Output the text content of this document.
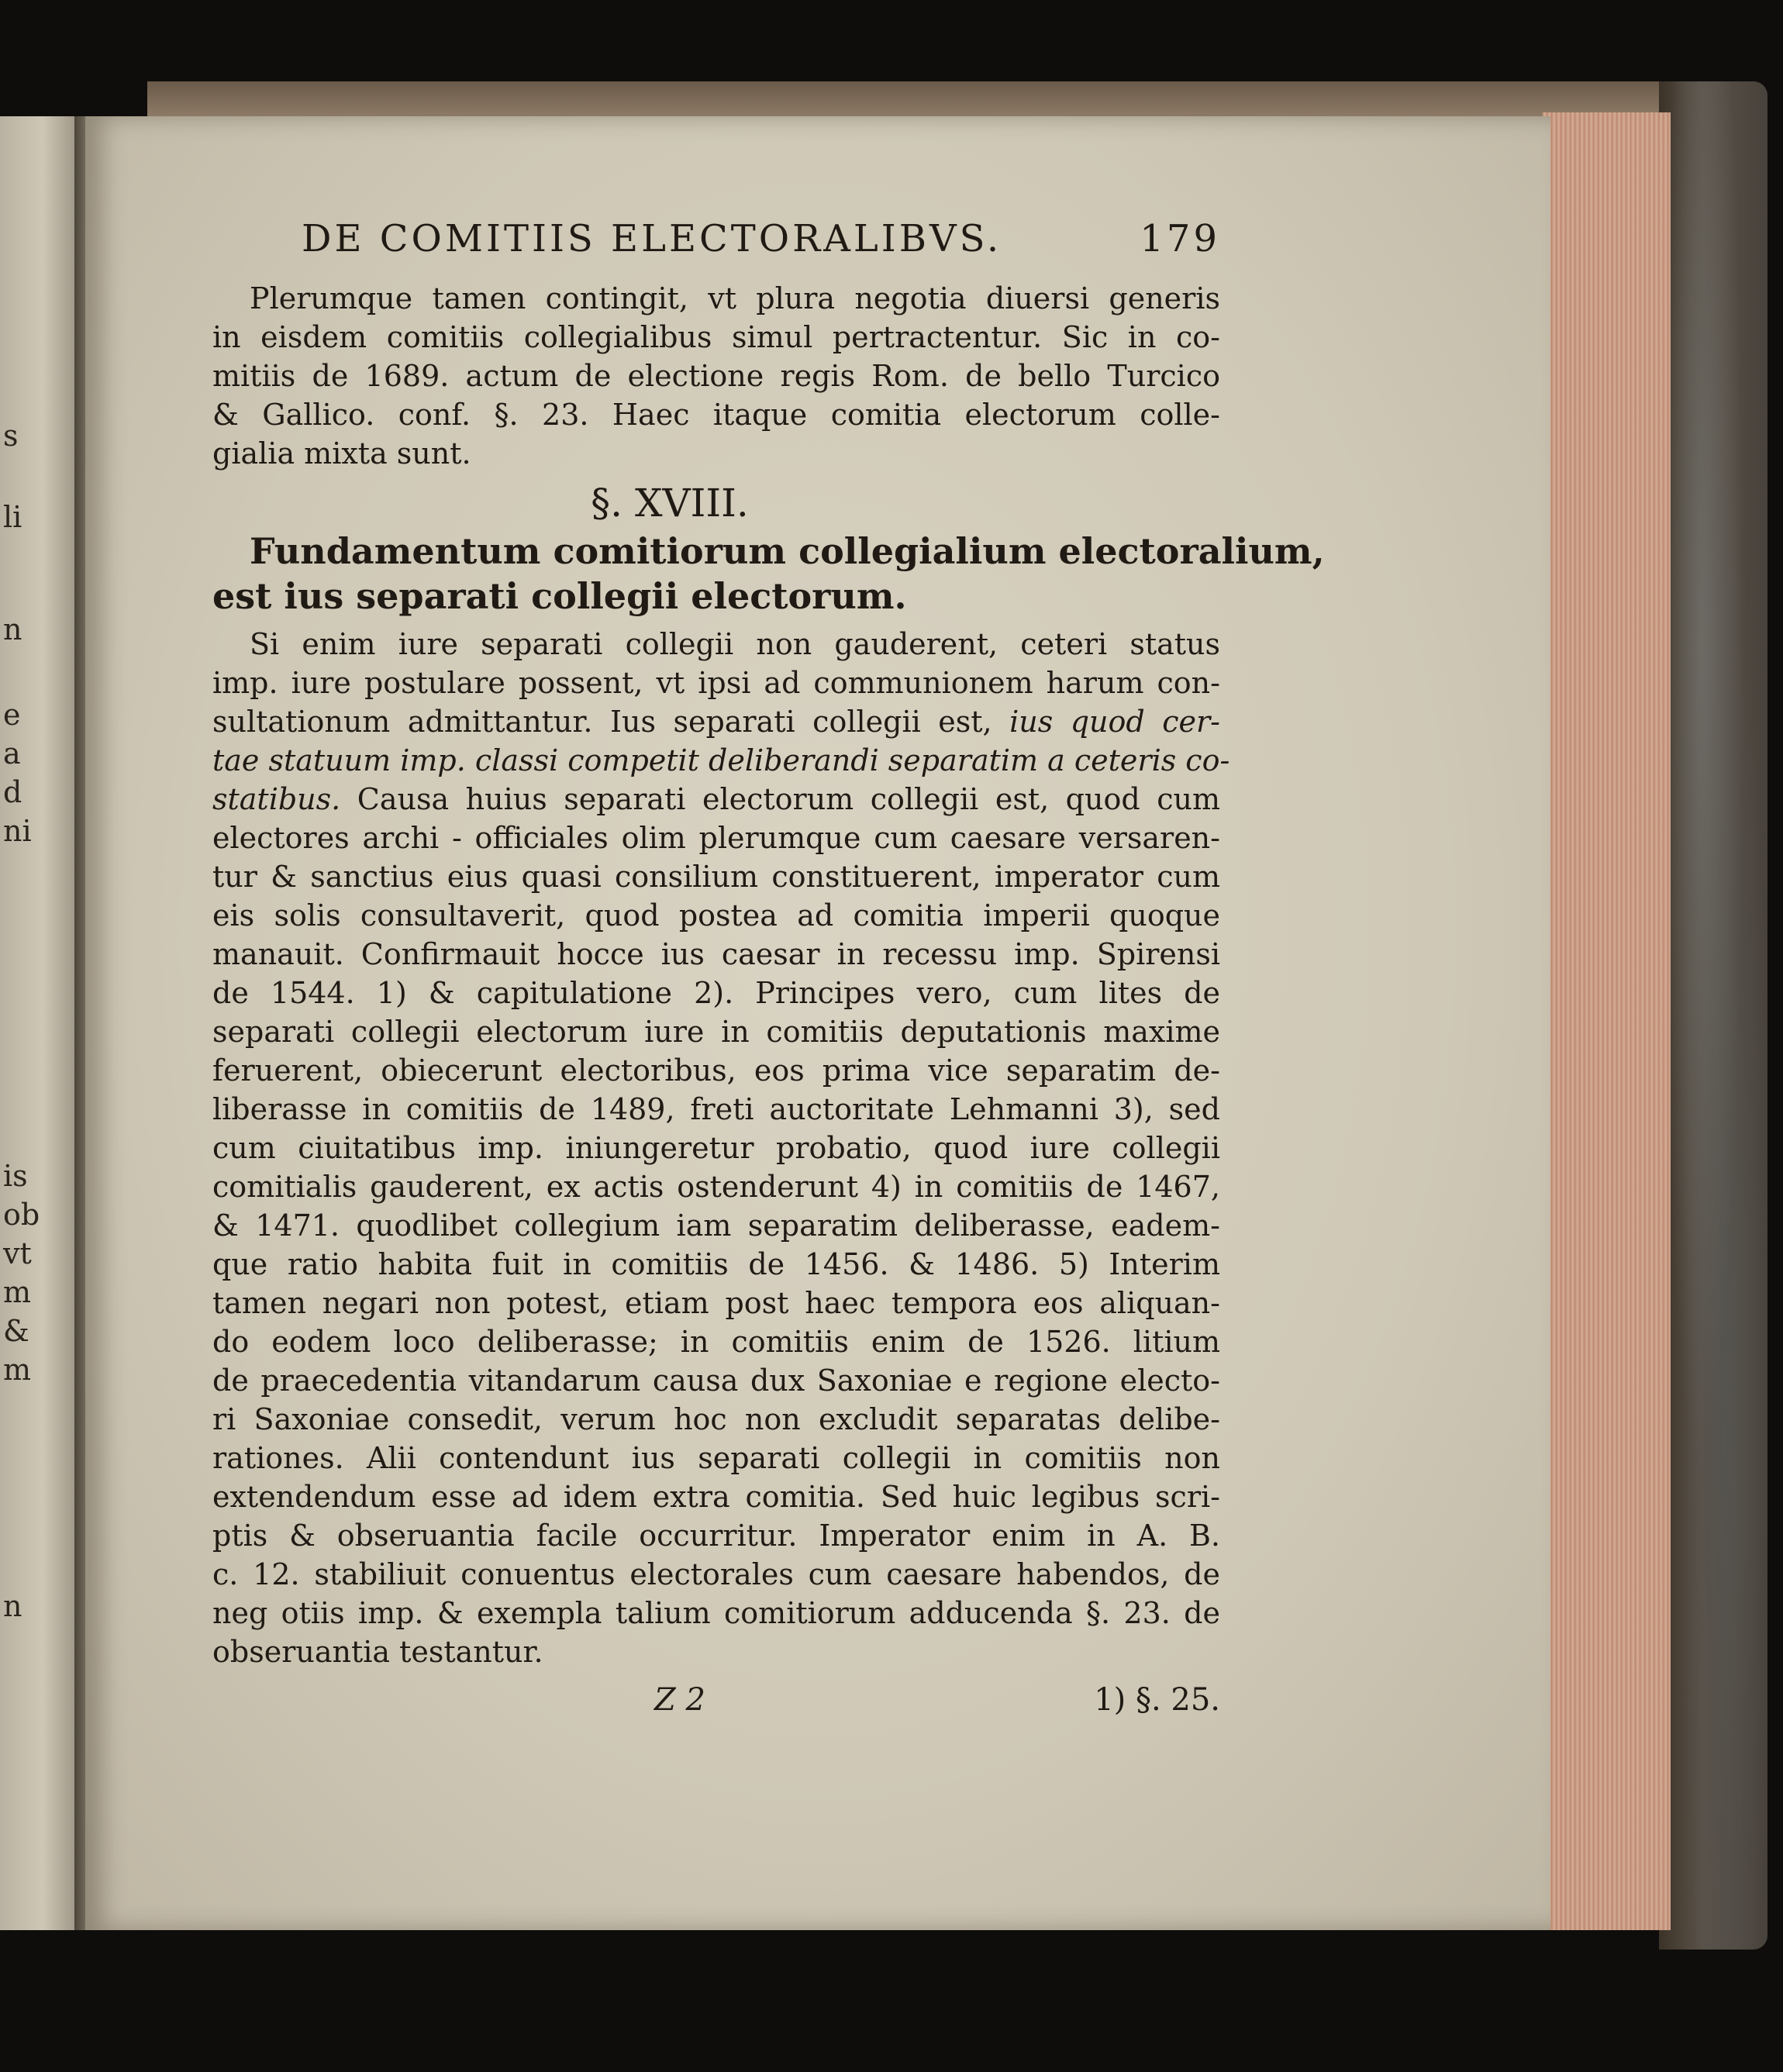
s
li
n
e
a
d
ni
is
ob
vt
m
&
m
n
DE COMITIIS ELECTORALIBVS.	179
Plerumque tamen contingit, vt plura negotia diuersi generis
in eisdem comitiis collegialibus simul pertractentur. Sic in co-
mitiis de 1689. actum de electione regis Rom. de bello Turcico
& Gallico. conf. §. 23. Haec itaque comitia electorum colle-
gialia mixta sunt.
§. XVIII.
Fundamentum comitiorum collegialium electoralium,
est ius separati collegii electorum.
Si enim iure separati collegii non gauderent, ceteri status
imp. iure postulare possent, vt ipsi ad communionem harum con-
sultationum admittantur. Ius separati collegii est, ius quod cer-
tae statuum imp. classi competit deliberandi separatim a ceteris co-
statibus. Causa huius separati electorum collegii est, quod cum
electores archi - officiales olim plerumque cum caesare versaren-
tur & sanctius eius quasi consilium constituerent, imperator cum
eis solis consultaverit, quod postea ad comitia imperii quoque
manauit. Confirmauit hocce ius caesar in recessu imp. Spirensi
de 1544. 1) & capitulatione 2). Principes vero, cum lites de
separati collegii electorum iure in comitiis deputationis maxime
feruerent, obiecerunt electoribus, eos prima vice separatim de-
liberasse in comitiis de 1489, freti auctoritate Lehmanni 3), sed
cum ciuitatibus imp. iniungeretur probatio, quod iure collegii
comitialis gauderent, ex actis ostenderunt 4) in comitiis de 1467,
& 1471. quodlibet collegium iam separatim deliberasse, eadem-
que ratio habita fuit in comitiis de 1456. & 1486. 5) Interim
tamen negari non potest, etiam post haec tempora eos aliquan-
do eodem loco deliberasse; in comitiis enim de 1526. litium
de praecedentia vitandarum causa dux Saxoniae e regione electo-
ri Saxoniae consedit, verum hoc non excludit separatas delibe-
rationes. Alii contendunt ius separati collegii in comitiis non
extendendum esse ad idem extra comitia. Sed huic legibus scri-
ptis & obseruantia facile occurritur. Imperator enim in A. B.
c. 12. stabiliuit conuentus electorales cum caesare habendos, de
neg otiis imp. & exempla talium comitiorum adducenda §. 23. de
obseruantia testantur.
Z 2	1) §. 25.
